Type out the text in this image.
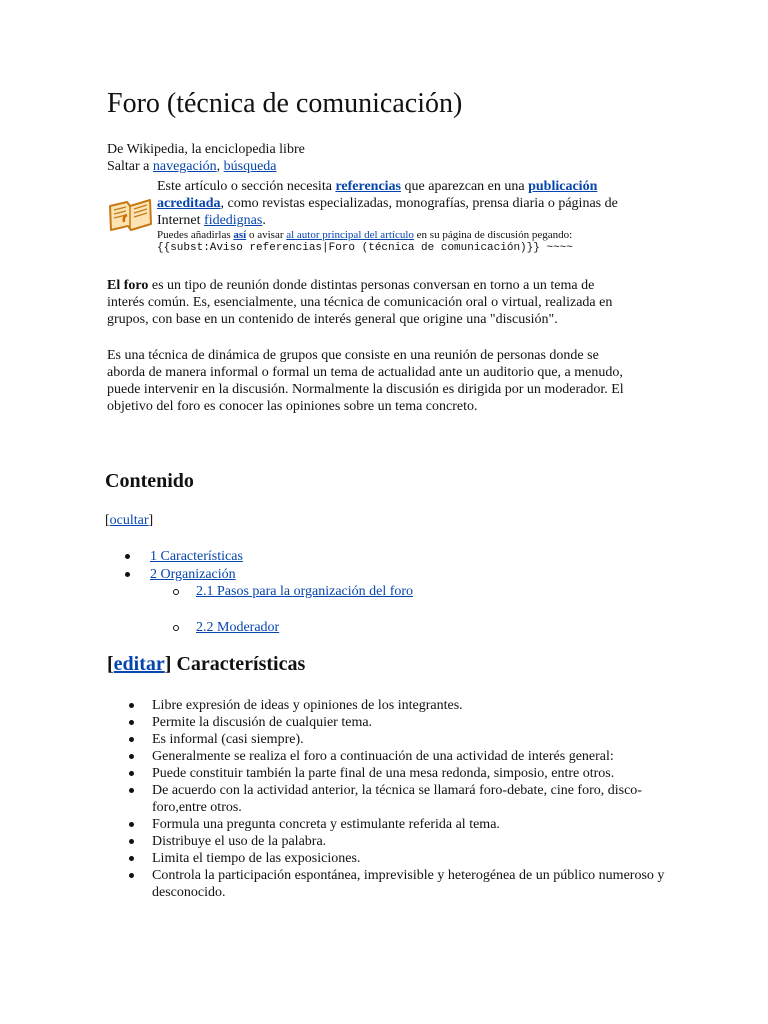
Foro (técnica de comunicación)
De Wikipedia, la enciclopedia libre
Saltar a navegación, búsqueda
Este artículo o sección necesita referencias que aparezcan en una publicación acreditada, como revistas especializadas, monografías, prensa diaria o páginas de Internet fidedignas.
Puedes añadirlas así o avisar al autor principal del artículo en su página de discusión pegando:
{{subst:Aviso referencias|Foro (técnica de comunicación)}} ~~~~

El foro es un tipo de reunión donde distintas personas conversan en torno a un tema de interés común. Es, esencialmente, una técnica de comunicación oral o virtual, realizada en grupos, con base en un contenido de interés general que origine una "discusión".

Es una técnica de dinámica de grupos que consiste en una reunión de personas donde se aborda de manera informal o formal un tema de actualidad ante un auditorio que, a menudo, puede intervenir en la discusión. Normalmente la discusión es dirigida por un moderador. El objetivo del foro es conocer las opiniones sobre un tema concreto.

Contenido
[ocultar]
1 Características
2 Organización
2.1 Pasos para la organización del foro
2.2 Moderador
[editar] Características
Libre expresión de ideas y opiniones de los integrantes.
Permite la discusión de cualquier tema.
Es informal (casi siempre).
Generalmente se realiza el foro a continuación de una actividad de interés general:
Puede constituir también la parte final de una mesa redonda, simposio, entre otros.
De acuerdo con la actividad anterior, la técnica se llamará foro-debate, cine foro, disco-foro,entre otros.
Formula una pregunta concreta y estimulante referida al tema.
Distribuye el uso de la palabra.
Limita el tiempo de las exposiciones.
Controla la participación espontánea, imprevisible y heterogénea de un público numeroso y desconocido.
